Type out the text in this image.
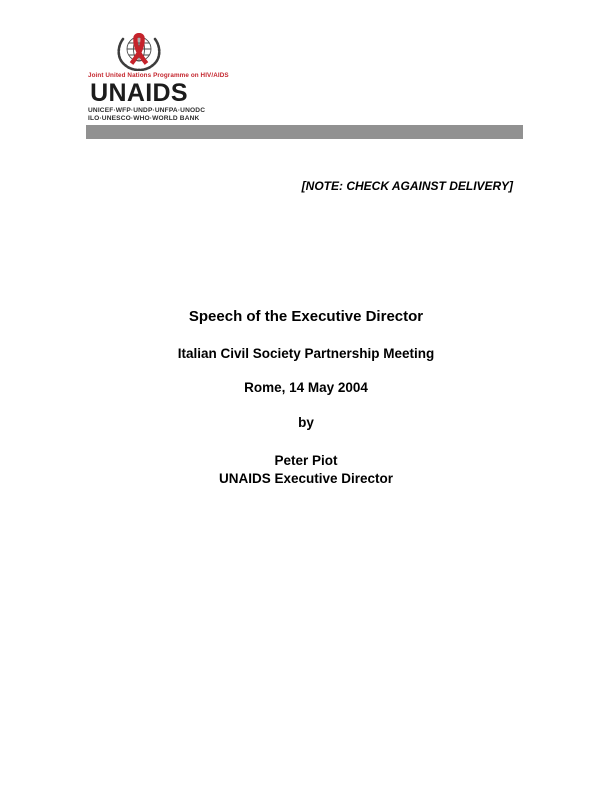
Joint United Nations Programme on HIV/AIDS
UNAIDS
UNICEF·WFP·UNDP·UNFPA·UNODC
ILO·UNESCO·WHO·WORLD BANK
[NOTE: CHECK AGAINST DELIVERY]
Speech of the Executive Director
Italian Civil Society Partnership Meeting
Rome, 14 May 2004
by
Peter Piot
UNAIDS Executive Director
